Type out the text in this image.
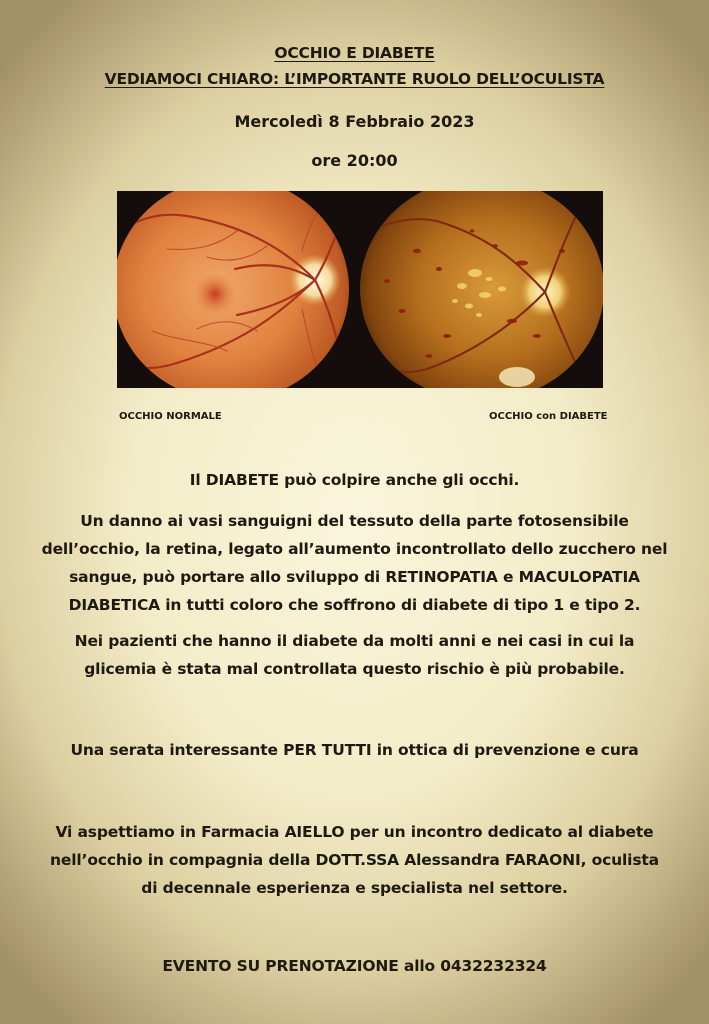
OCCHIO E DIABETE
VEDIAMOCI CHIARO: L’IMPORTANTE RUOLO DELL’OCULISTA
Mercoledì 8 Febbraio 2023
ore 20:00
OCCHIO NORMALE	OCCHIO con DIABETE
Il DIABETE può colpire anche gli occhi.
Un danno ai vasi sanguigni del tessuto della parte fotosensibile
dell’occhio, la retina, legato all’aumento incontrollato dello zucchero nel
sangue, può portare allo sviluppo di RETINOPATIA e MACULOPATIA
DIABETICA in tutti coloro che soffrono di diabete di tipo 1 e tipo 2.
Nei pazienti che hanno il diabete da molti anni e nei casi in cui la
glicemia è stata mal controllata questo rischio è più probabile.
Una serata interessante PER TUTTI in ottica di prevenzione e cura
Vi aspettiamo in Farmacia AIELLO per un incontro dedicato al diabete
nell’occhio in compagnia della DOTT.SSA Alessandra FARAONI, oculista
di decennale esperienza e specialista nel settore.
EVENTO SU PRENOTAZIONE allo 0432232324
